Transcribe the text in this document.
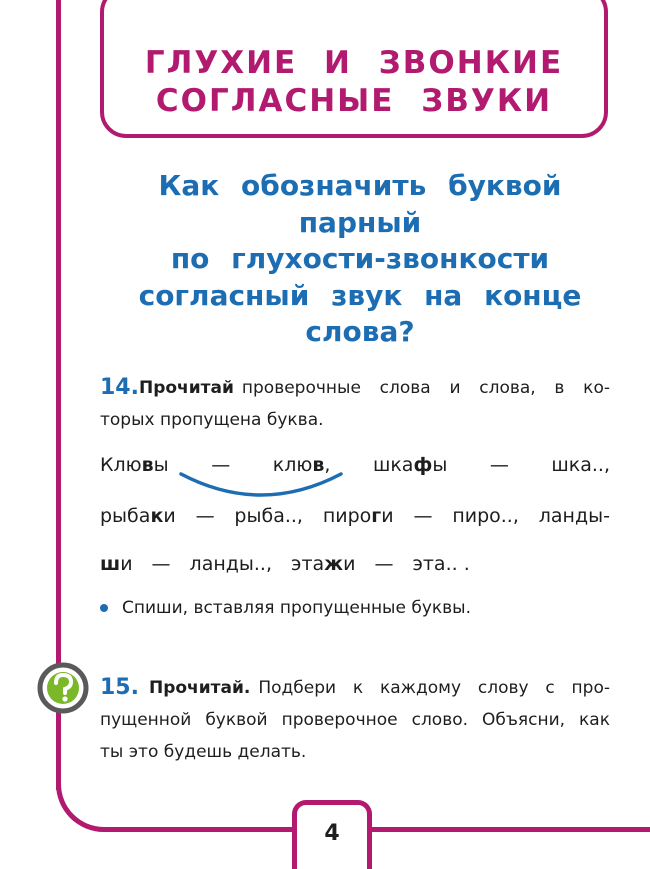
ГЛУХИЕ И ЗВОНКИЕ
СОГЛАСНЫЕ ЗВУКИ
Как обозначить буквой
парный
по глухости-звонкости
согласный звук на конце
слова?
14. Прочитай проверочные слова и слова, в ко-
торых пропущена буква.
Клювы — клюв, шкафы — шка..,
рыбаки — рыба.., пироги — пиро.., ланды-
ши — ланды.., этажи — эта.. .
Спиши, вставляя пропущенные буквы.
15. Прочитай. Подбери к каждому слову с про-
пущенной буквой проверочное слово. Объясни, как
ты это будешь делать.
4
